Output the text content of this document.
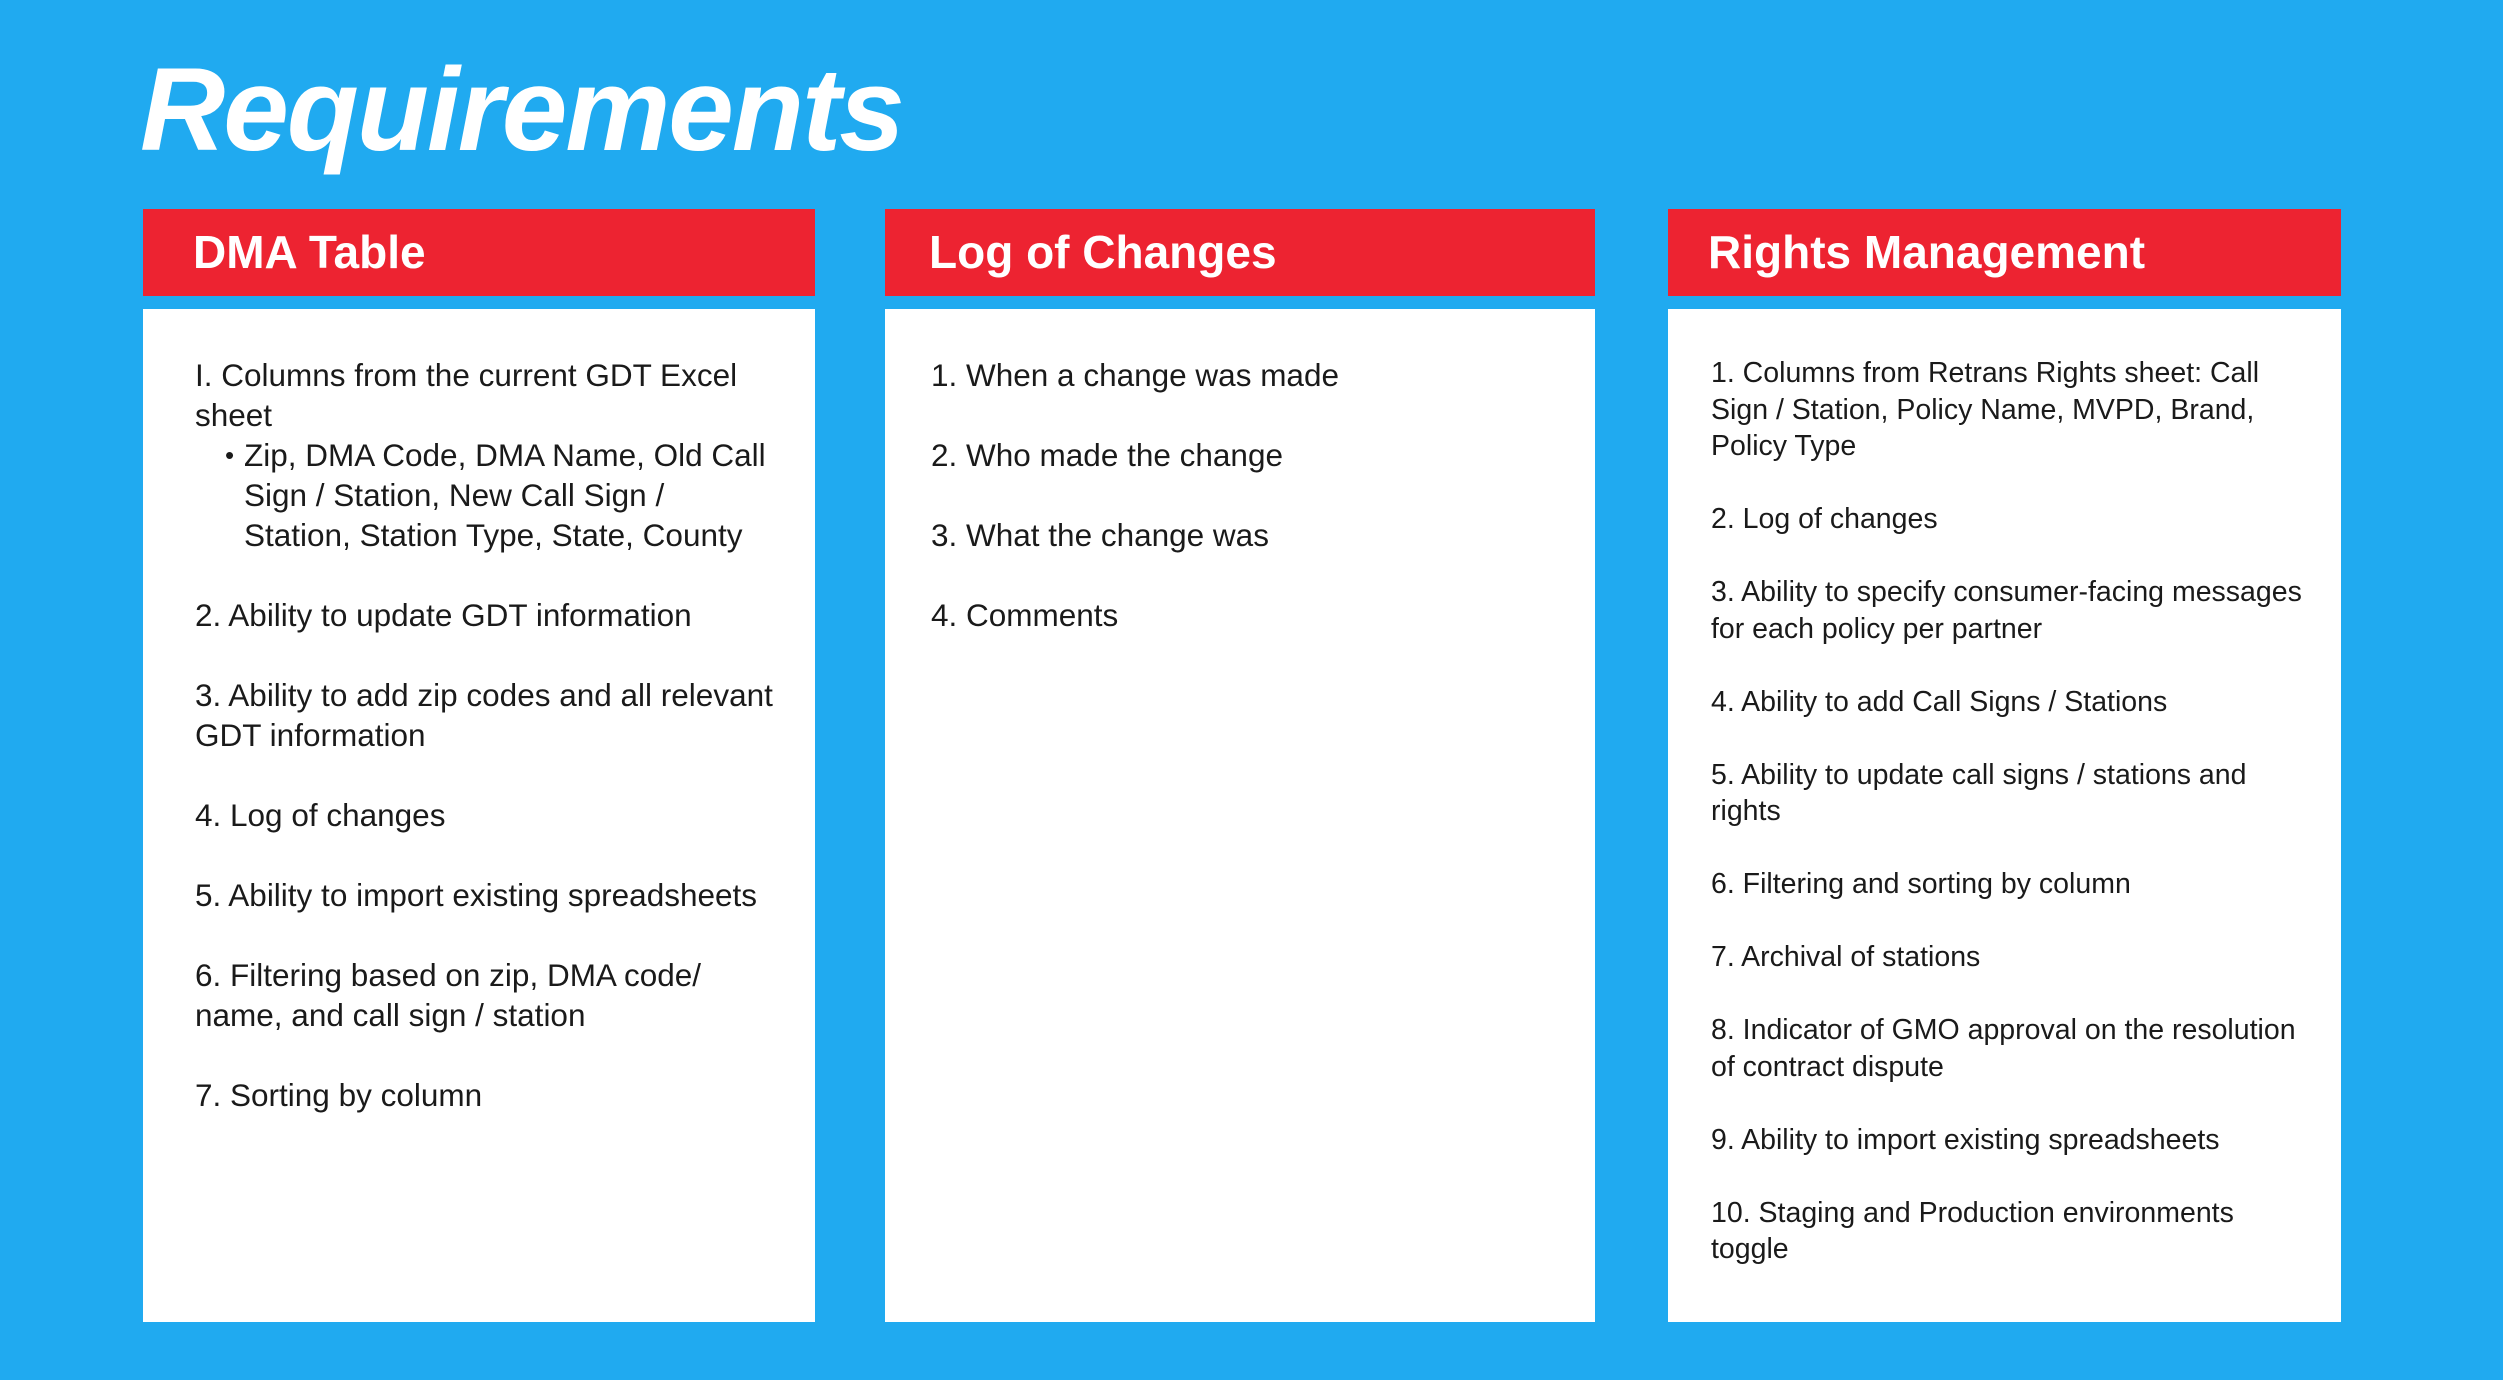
Requirements
DMA Table
I. Columns from the current GDT Excel sheet
• Zip, DMA Code, DMA Name, Old Call Sign / Station, New Call Sign / Station, Station Type, State, County
2. Ability to update GDT information
3. Ability to add zip codes and all relevant GDT information
4. Log of changes
5. Ability to import existing spreadsheets
6. Filtering based on zip, DMA code/ name, and call sign / station
7. Sorting by column
Log of Changes
1. When a change was made
2. Who made the change
3. What the change was
4. Comments
Rights Management
1. Columns from Retrans Rights sheet: Call Sign / Station, Policy Name, MVPD, Brand, Policy Type
2. Log of changes
3. Ability to specify consumer-facing messages for each policy per partner
4. Ability to add Call Signs / Stations
5. Ability to update call signs / stations and rights
6. Filtering and sorting by column
7. Archival of stations
8. Indicator of GMO approval on the resolution of contract dispute
9. Ability to import existing spreadsheets
10. Staging and Production environments toggle
